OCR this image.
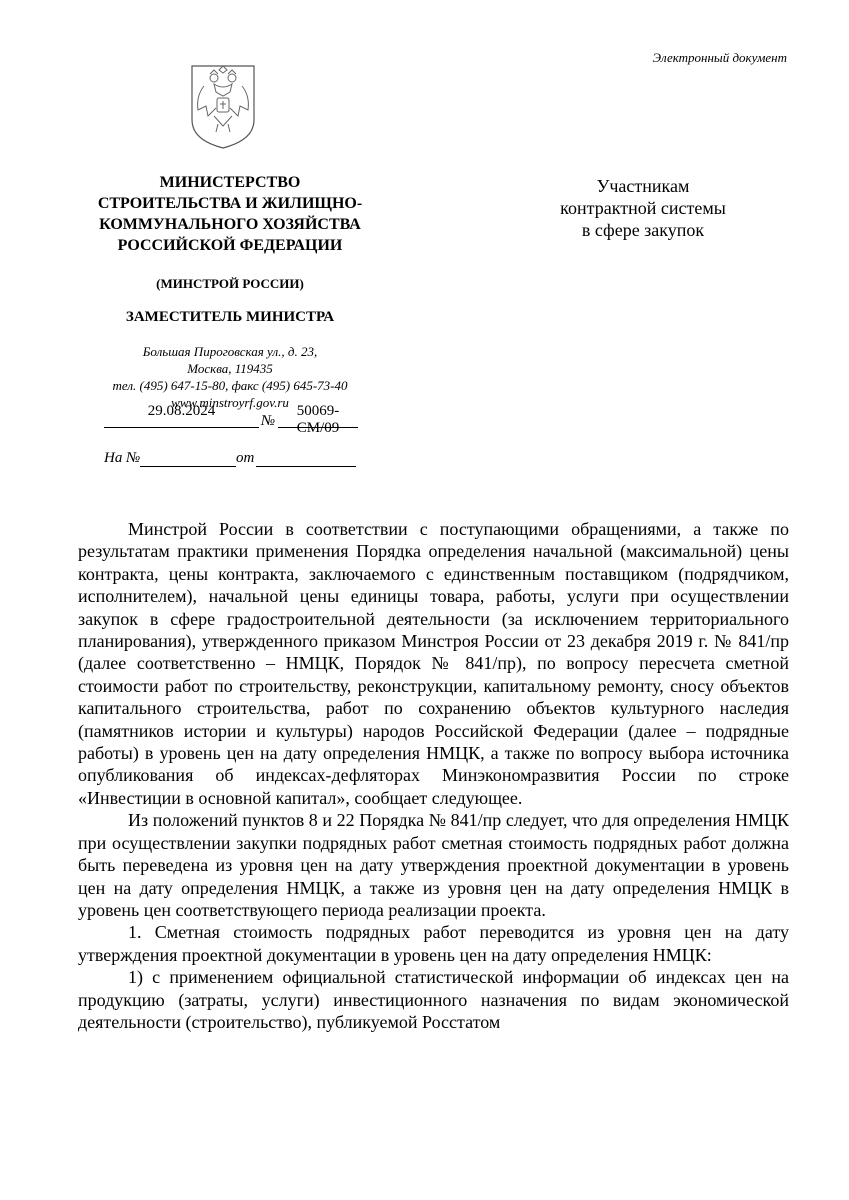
Электронный документ
МИНИСТЕРСТВО
СТРОИТЕЛЬСТВА И ЖИЛИЩНО-
КОММУНАЛЬНОГО ХОЗЯЙСТВА
РОССИЙСКОЙ ФЕДЕРАЦИИ
(МИНСТРОЙ РОССИИ)
ЗАМЕСТИТЕЛЬ МИНИСТРА
Большая Пироговская ул., д. 23,
Москва, 119435
тел. (495) 647-15-80, факс (495) 645-73-40
www.minstroyrf.gov.ru
29.08.2024
№
50069-СМ/09
На №	от
Участникам
контрактной системы
в сфере закупок

Минстрой России в соответствии с поступающими обращениями, а также по результатам практики применения Порядка определения начальной (максимальной) цены контракта, цены контракта, заключаемого с единственным поставщиком (подрядчиком, исполнителем), начальной цены единицы товара, работы, услуги при осуществлении закупок в сфере градостроительной деятельности (за исключением территориального планирования), утвержденного приказом Минстроя России от 23 декабря 2019 г. № 841/пр (далее соответственно – НМЦК, Порядок № 841/пр), по вопросу пересчета сметной стоимости работ по строительству, реконструкции, капитальному ремонту, сносу объектов капитального строительства, работ по сохранению объектов культурного наследия (памятников истории и культуры) народов Российской Федерации (далее – подрядные работы) в уровень цен на дату определения НМЦК, а также по вопросу выбора источника опубликования об индексах-дефляторах Минэкономразвития России по строке «Инвестиции в основной капитал», сообщает следующее.

Из положений пунктов 8 и 22 Порядка № 841/пр следует, что для определения НМЦК при осуществлении закупки подрядных работ сметная стоимость подрядных работ должна быть переведена из уровня цен на дату утверждения проектной документации в уровень цен на дату определения НМЦК, а также из уровня цен на дату определения НМЦК в уровень цен соответствующего периода реализации проекта.

1. Сметная стоимость подрядных работ переводится из уровня цен на дату утверждения проектной документации в уровень цен на дату определения НМЦК:

1) с применением официальной статистической информации об индексах цен на продукцию (затраты, услуги) инвестиционного назначения по видам экономической деятельности (строительство), публикуемой Росстатом
